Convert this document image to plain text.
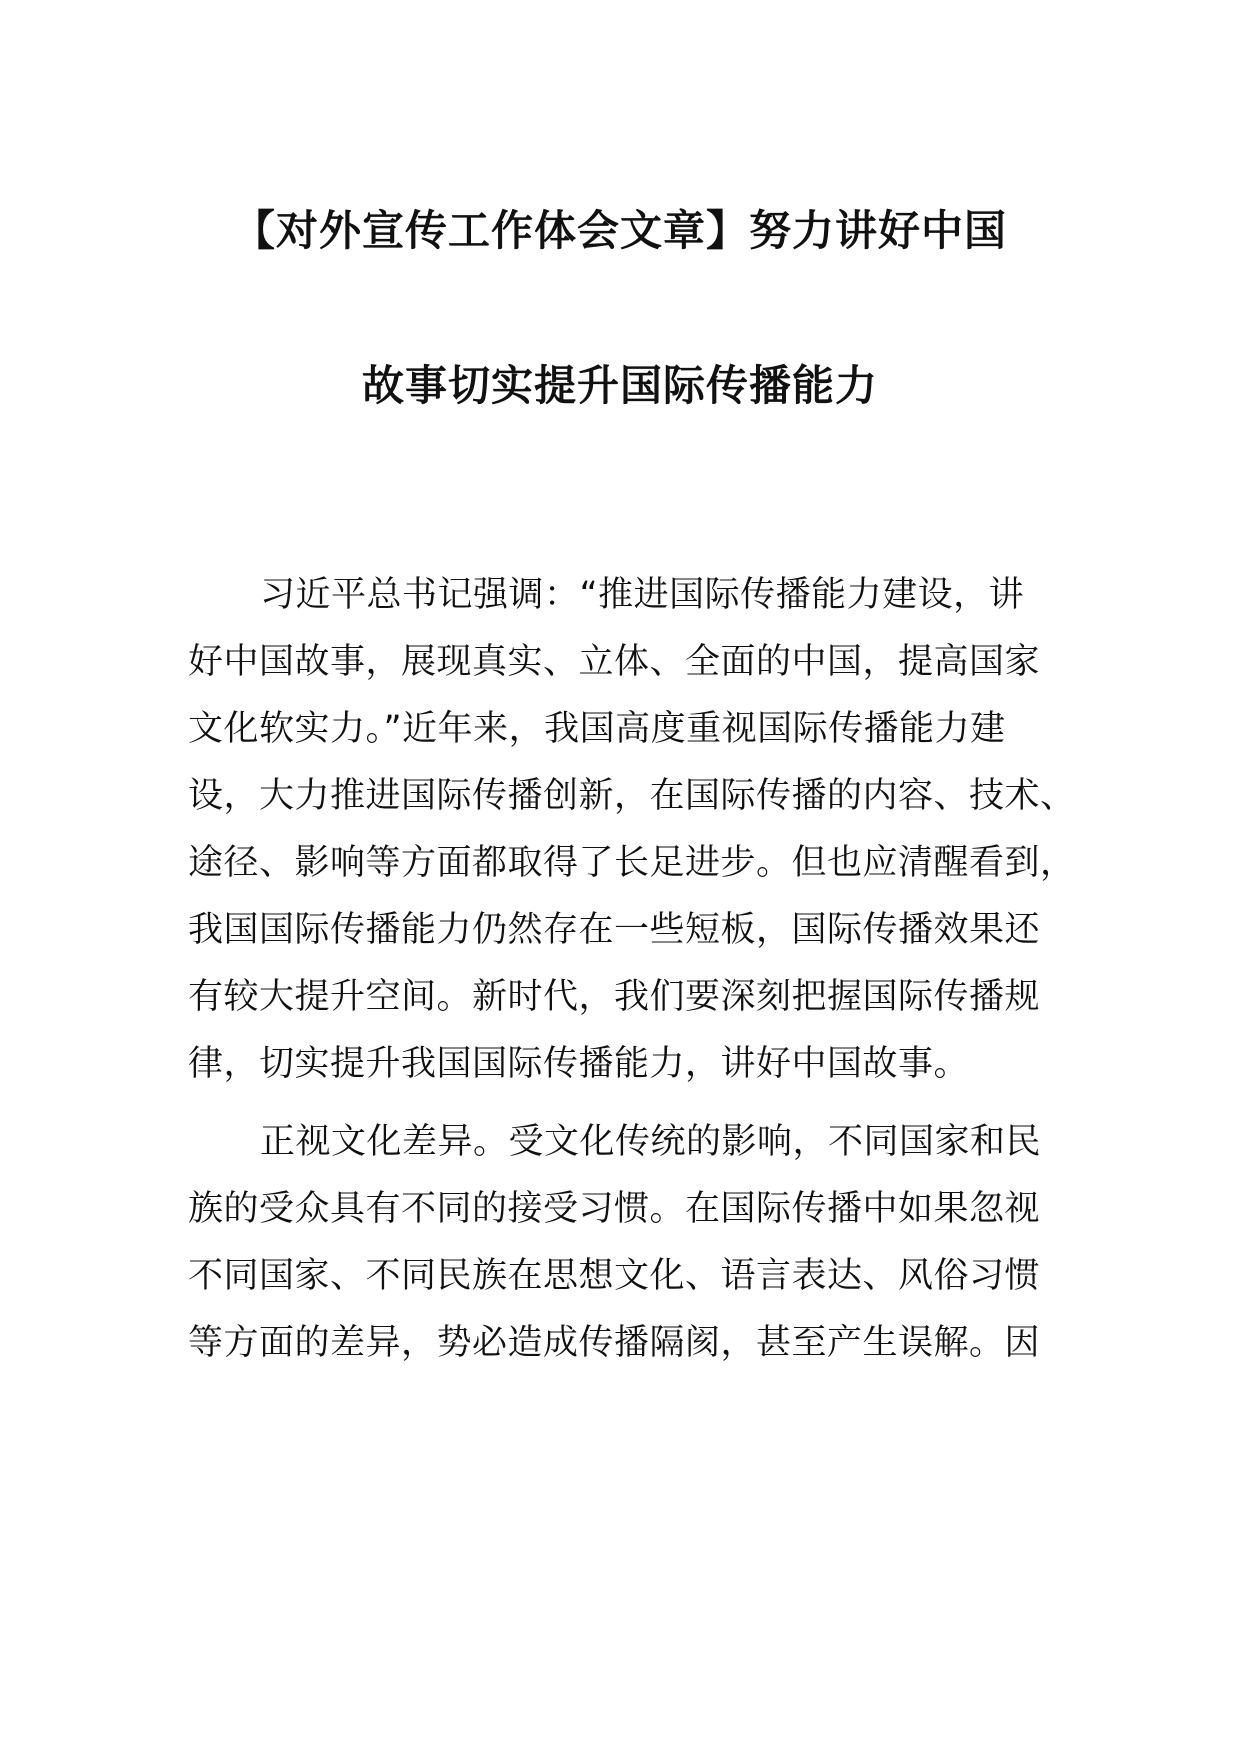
【对外宣传工作体会文章】努力讲好中国
故事切实提升国际传播能力
习近平总书记强调：“推进国际传播能力建设，讲
好中国故事，展现真实、立体、全面的中国，提高国家
文化软实力。”近年来，我国高度重视国际传播能力建
设，大力推进国际传播创新，在国际传播的内容、技术、
途径、影响等方面都取得了长足进步。但也应清醒看到，
我国国际传播能力仍然存在一些短板，国际传播效果还
有较大提升空间。新时代，我们要深刻把握国际传播规
律，切实提升我国国际传播能力，讲好中国故事。
正视文化差异。受文化传统的影响，不同国家和民
族的受众具有不同的接受习惯。在国际传播中如果忽视
不同国家、不同民族在思想文化、语言表达、风俗习惯
等方面的差异，势必造成传播隔阂，甚至产生误解。因
